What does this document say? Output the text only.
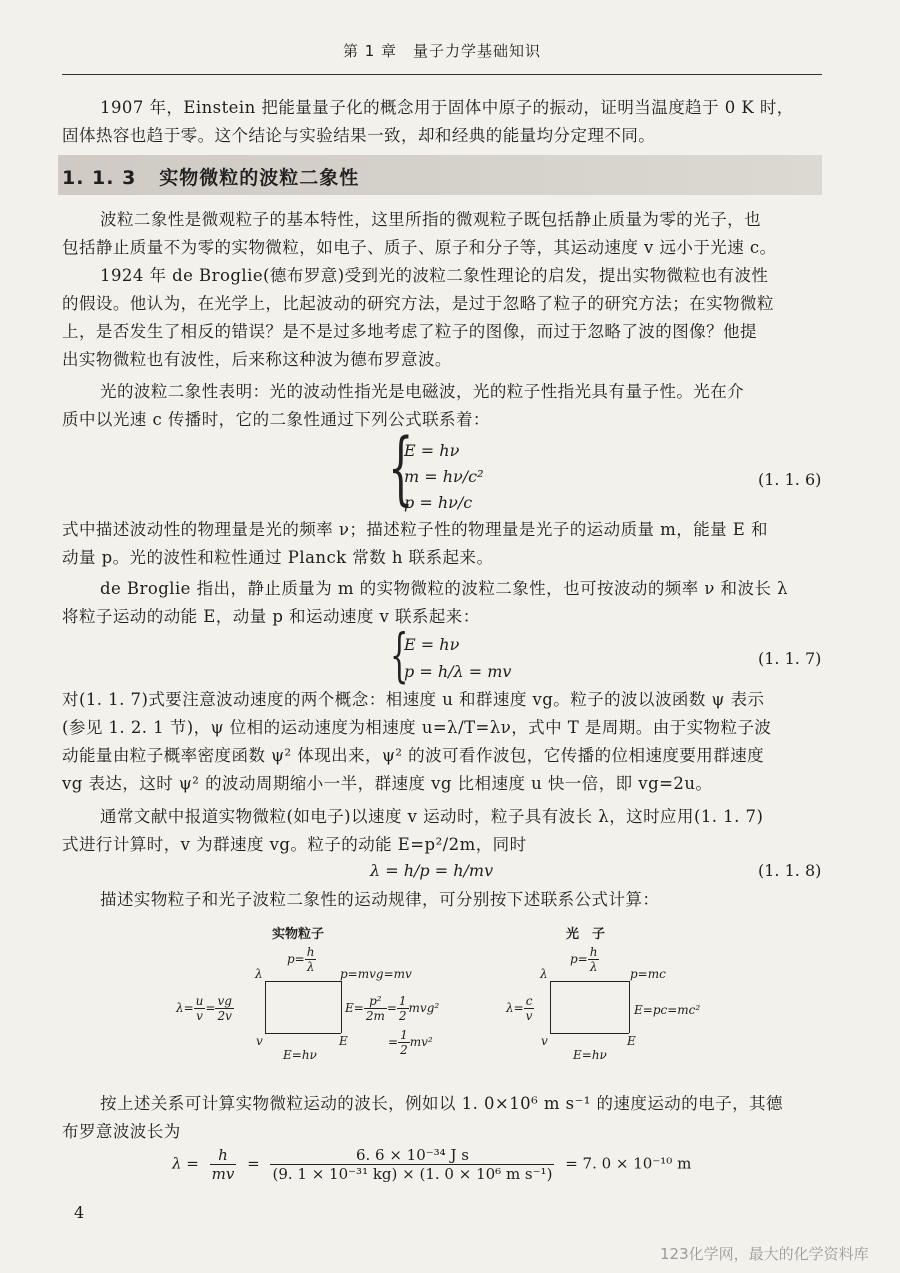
第 1 章　量子力学基础知识
1907 年，Einstein 把能量量子化的概念用于固体中原子的振动，证明当温度趋于 0 K 时，
固体热容也趋于零。这个结论与实验结果一致，却和经典的能量均分定理不同。
1. 1. 3 实物微粒的波粒二象性
波粒二象性是微观粒子的基本特性，这里所指的微观粒子既包括静止质量为零的光子，也
包括静止质量不为零的实物微粒，如电子、质子、原子和分子等，其运动速度 v 远小于光速 c。
1924 年 de Broglie(德布罗意)受到光的波粒二象性理论的启发，提出实物微粒也有波性
的假设。他认为，在光学上，比起波动的研究方法，是过于忽略了粒子的研究方法；在实物微粒
上，是否发生了相反的错误？是不是过多地考虑了粒子的图像，而过于忽略了波的图像？他提
出实物微粒也有波性，后来称这种波为德布罗意波。
光的波粒二象性表明：光的波动性指光是电磁波，光的粒子性指光具有量子性。光在介
质中以光速 c 传播时，它的二象性通过下列公式联系着：
{
E = hν
m = hν/c²
p = hν/c
(1. 1. 6)
式中描述波动性的物理量是光的频率 ν；描述粒子性的物理量是光子的运动质量 m，能量 E 和
动量 p。光的波性和粒性通过 Planck 常数 h 联系起来。
de Broglie 指出，静止质量为 m 的实物微粒的波粒二象性，也可按波动的频率 ν 和波长 λ
将粒子运动的动能 E，动量 p 和运动速度 v 联系起来：
{
E = hν
p = h/λ = mv
(1. 1. 7)
对(1. 1. 7)式要注意波动速度的两个概念：相速度 u 和群速度 vg。粒子的波以波函数 ψ 表示
(参见 1. 2. 1 节)，ψ 位相的运动速度为相速度 u=λ/T=λν，式中 T 是周期。由于实物粒子波
动能量由粒子概率密度函数 ψ² 体现出来，ψ² 的波可看作波包，它传播的位相速度要用群速度
vg 表达，这时 ψ² 的波动周期缩小一半，群速度 vg 比相速度 u 快一倍，即 vg=2u。
通常文献中报道实物微粒(如电子)以速度 v 运动时，粒子具有波长 λ，这时应用(1. 1. 7)
式进行计算时，v 为群速度 vg。粒子的动能 E=p²/2m，同时
λ = h/p = h/mv	(1. 1. 8)
描述实物粒子和光子波粒二象性的运动规律，可分别按下述联系公式计算：
实物粒子
$p= \frac{h}{\lambda}$
λ	p=mvg=mv
$\lambda= \frac{u}{v} = \frac{vg}{2v}$	$E= \frac{\text{p²}}{2m} = \frac{1}{2} mvg^2$
= $\frac{1}{2} mv^2$
v	E
E=hν
光　子
$p= \frac{h}{\lambda}$
λ	p=mc
$\lambda= \frac{c}{v}$	E=pc=mc²
v	E
E=hν
按上述关系可计算实物微粒运动的波长，例如以 1. 0×10⁶ m s⁻¹ 的速度运动的电子，其德
布罗意波波长为
$\lambda = \frac{h}{mv} = \frac{\text{6. 6 × 10⁻³⁴ J s}}{\text{(9. 1 × 10⁻³¹ kg) × (1. 0 × 10⁶ m s⁻¹)}} = 7$. 0 × 10⁻¹⁰ m
4
123化学网，最大的化学资料库
